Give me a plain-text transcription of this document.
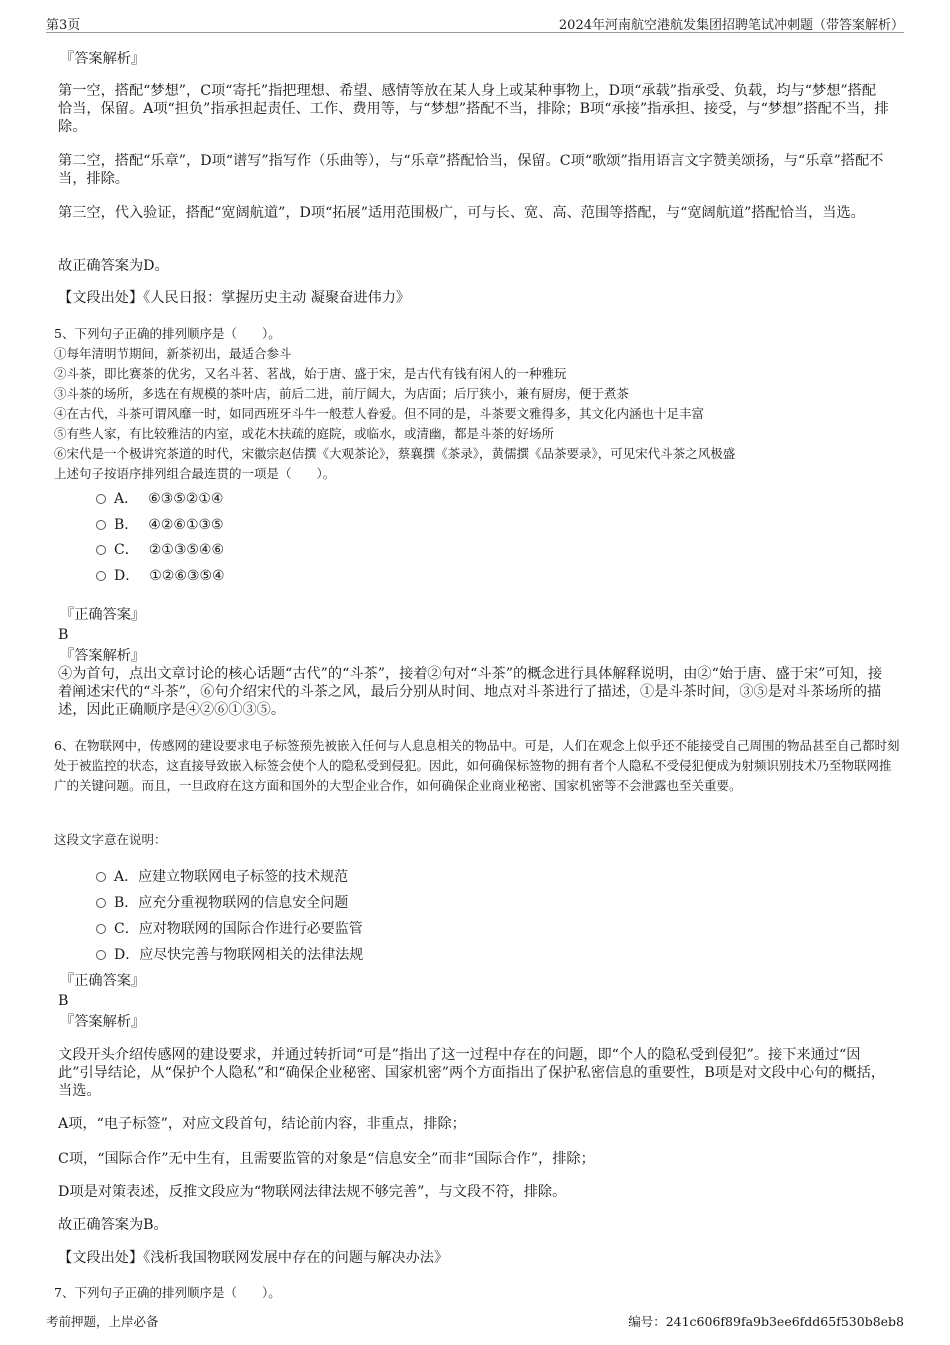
第3页	2024年河南航空港航发集团招聘笔试冲刺题（带答案解析）
『答案解析』
第一空，搭配“梦想”，C项“寄托”指把理想、希望、感情等放在某人身上或某种事物上，D项“承载”指承受、负载，均与“梦想”搭配恰当，保留。A项“担负”指承担起责任、工作、费用等，与“梦想”搭配不当，排除；B项“承接”指承担、接受，与“梦想”搭配不当，排除。
第二空，搭配“乐章”，D项“谱写”指写作（乐曲等），与“乐章”搭配恰当，保留。C项“歌颂”指用语言文字赞美颂扬，与“乐章”搭配不当，排除。
第三空，代入验证，搭配“宽阔航道”，D项“拓展”适用范围极广，可与长、宽、高、范围等搭配，与“宽阔航道”搭配恰当，当选。
故正确答案为D。
【文段出处】《人民日报：掌握历史主动 凝聚奋进伟力》
5、下列句子正确的排列顺序是（　　）。
①每年清明节期间，新茶初出，最适合参斗
②斗茶，即比赛茶的优劣，又名斗茗、茗战，始于唐、盛于宋，是古代有钱有闲人的一种雅玩
③斗茶的场所，多选在有规模的茶叶店，前后二进，前厅阔大，为店面；后厅狭小，兼有厨房，便于煮茶
④在古代，斗茶可谓风靡一时，如同西班牙斗牛一般惹人眷爱。但不同的是，斗茶要文雅得多，其文化内涵也十足丰富
⑤有些人家，有比较雅洁的内室，或花木扶疏的庭院，或临水，或清幽，都是斗茶的好场所
⑥宋代是一个极讲究茶道的时代，宋徽宗赵佶撰《大观茶论》，蔡襄撰《茶录》，黄儒撰《品茶要录》，可见宋代斗茶之风极盛
上述句子按语序排列组合最连贯的一项是（　　）。
A． ⑥③⑤②①④
B． ④②⑥①③⑤
C． ②①③⑤④⑥
D． ①②⑥③⑤④
『正确答案』
B
『答案解析』
④为首句，点出文章讨论的核心话题“古代”的“斗茶”，接着②句对“斗茶”的概念进行具体解释说明，由②“始于唐、盛于宋”可知，接着阐述宋代的“斗茶”，⑥句介绍宋代的斗茶之风，最后分别从时间、地点对斗茶进行了描述，①是斗茶时间，③⑤是对斗茶场所的描述，因此正确顺序是④②⑥①③⑤。
6、在物联网中，传感网的建设要求电子标签预先被嵌入任何与人息息相关的物品中。可是，人们在观念上似乎还不能接受自己周围的物品甚至自己都时刻处于被监控的状态，这直接导致嵌入标签会使个人的隐私受到侵犯。因此，如何确保标签物的拥有者个人隐私不受侵犯便成为射频识别技术乃至物联网推广的关键问题。而且，一旦政府在这方面和国外的大型企业合作，如何确保企业商业秘密、国家机密等不会泄露也至关重要。
这段文字意在说明：
A．应建立物联网电子标签的技术规范
B．应充分重视物联网的信息安全问题
C．应对物联网的国际合作进行必要监管
D．应尽快完善与物联网相关的法律法规
『正确答案』
B
『答案解析』
文段开头介绍传感网的建设要求，并通过转折词“可是”指出了这一过程中存在的问题，即“个人的隐私受到侵犯”。接下来通过“因此”引导结论，从“保护个人隐私”和“确保企业秘密、国家机密”两个方面指出了保护私密信息的重要性，B项是对文段中心句的概括，当选。
A项，“电子标签”，对应文段首句，结论前内容，非重点，排除；
C项，“国际合作”无中生有，且需要监管的对象是“信息安全”而非“国际合作”，排除；
D项是对策表述，反推文段应为“物联网法律法规不够完善”，与文段不符，排除。
故正确答案为B。
【文段出处】《浅析我国物联网发展中存在的问题与解决办法》
7、下列句子正确的排列顺序是（　　）。
考前押题，上岸必备	编号：241c606f89fa9b3ee6fdd65f530b8eb8
